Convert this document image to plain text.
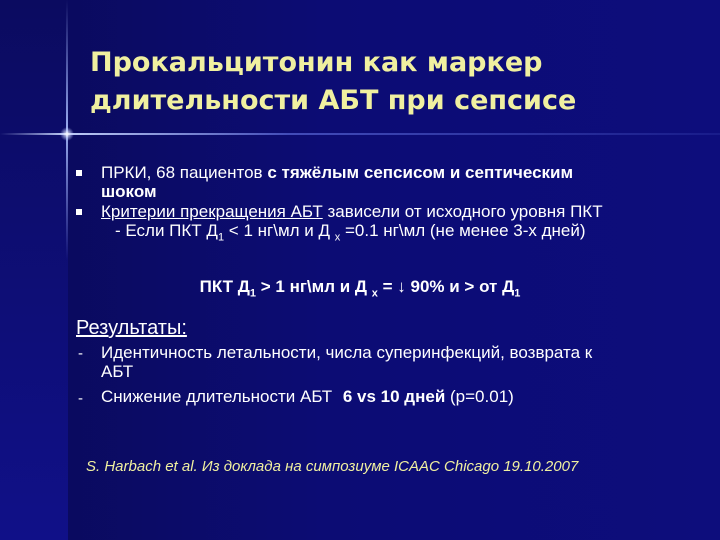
Прокальцитонин как маркер
длительности АБТ при сепсисе
ПРКИ, 68 пациентов с тяжёлым сепсисом и септическим
шоком
Критерии прекращения АБТ зависели от исходного уровня ПКТ
- Если ПКТ $Д_1 < 1$ нг\мл и Д $_x$ =0.1 нг\мл (не менее 3-х дней)
ПКТ $Д_1 > 1$ нг\мл и Д $_x$ = ↓ 90% и > от $Д_1$
Результаты:
- Идентичность летальности, числа суперинфекций, возврата к
АБТ
- Снижение длительности АБТ 6 vs 10 дней (p=0.01)
S. Harbach et al. Из доклада на симпозиуме ICAAC Chicago 19.10.2007
